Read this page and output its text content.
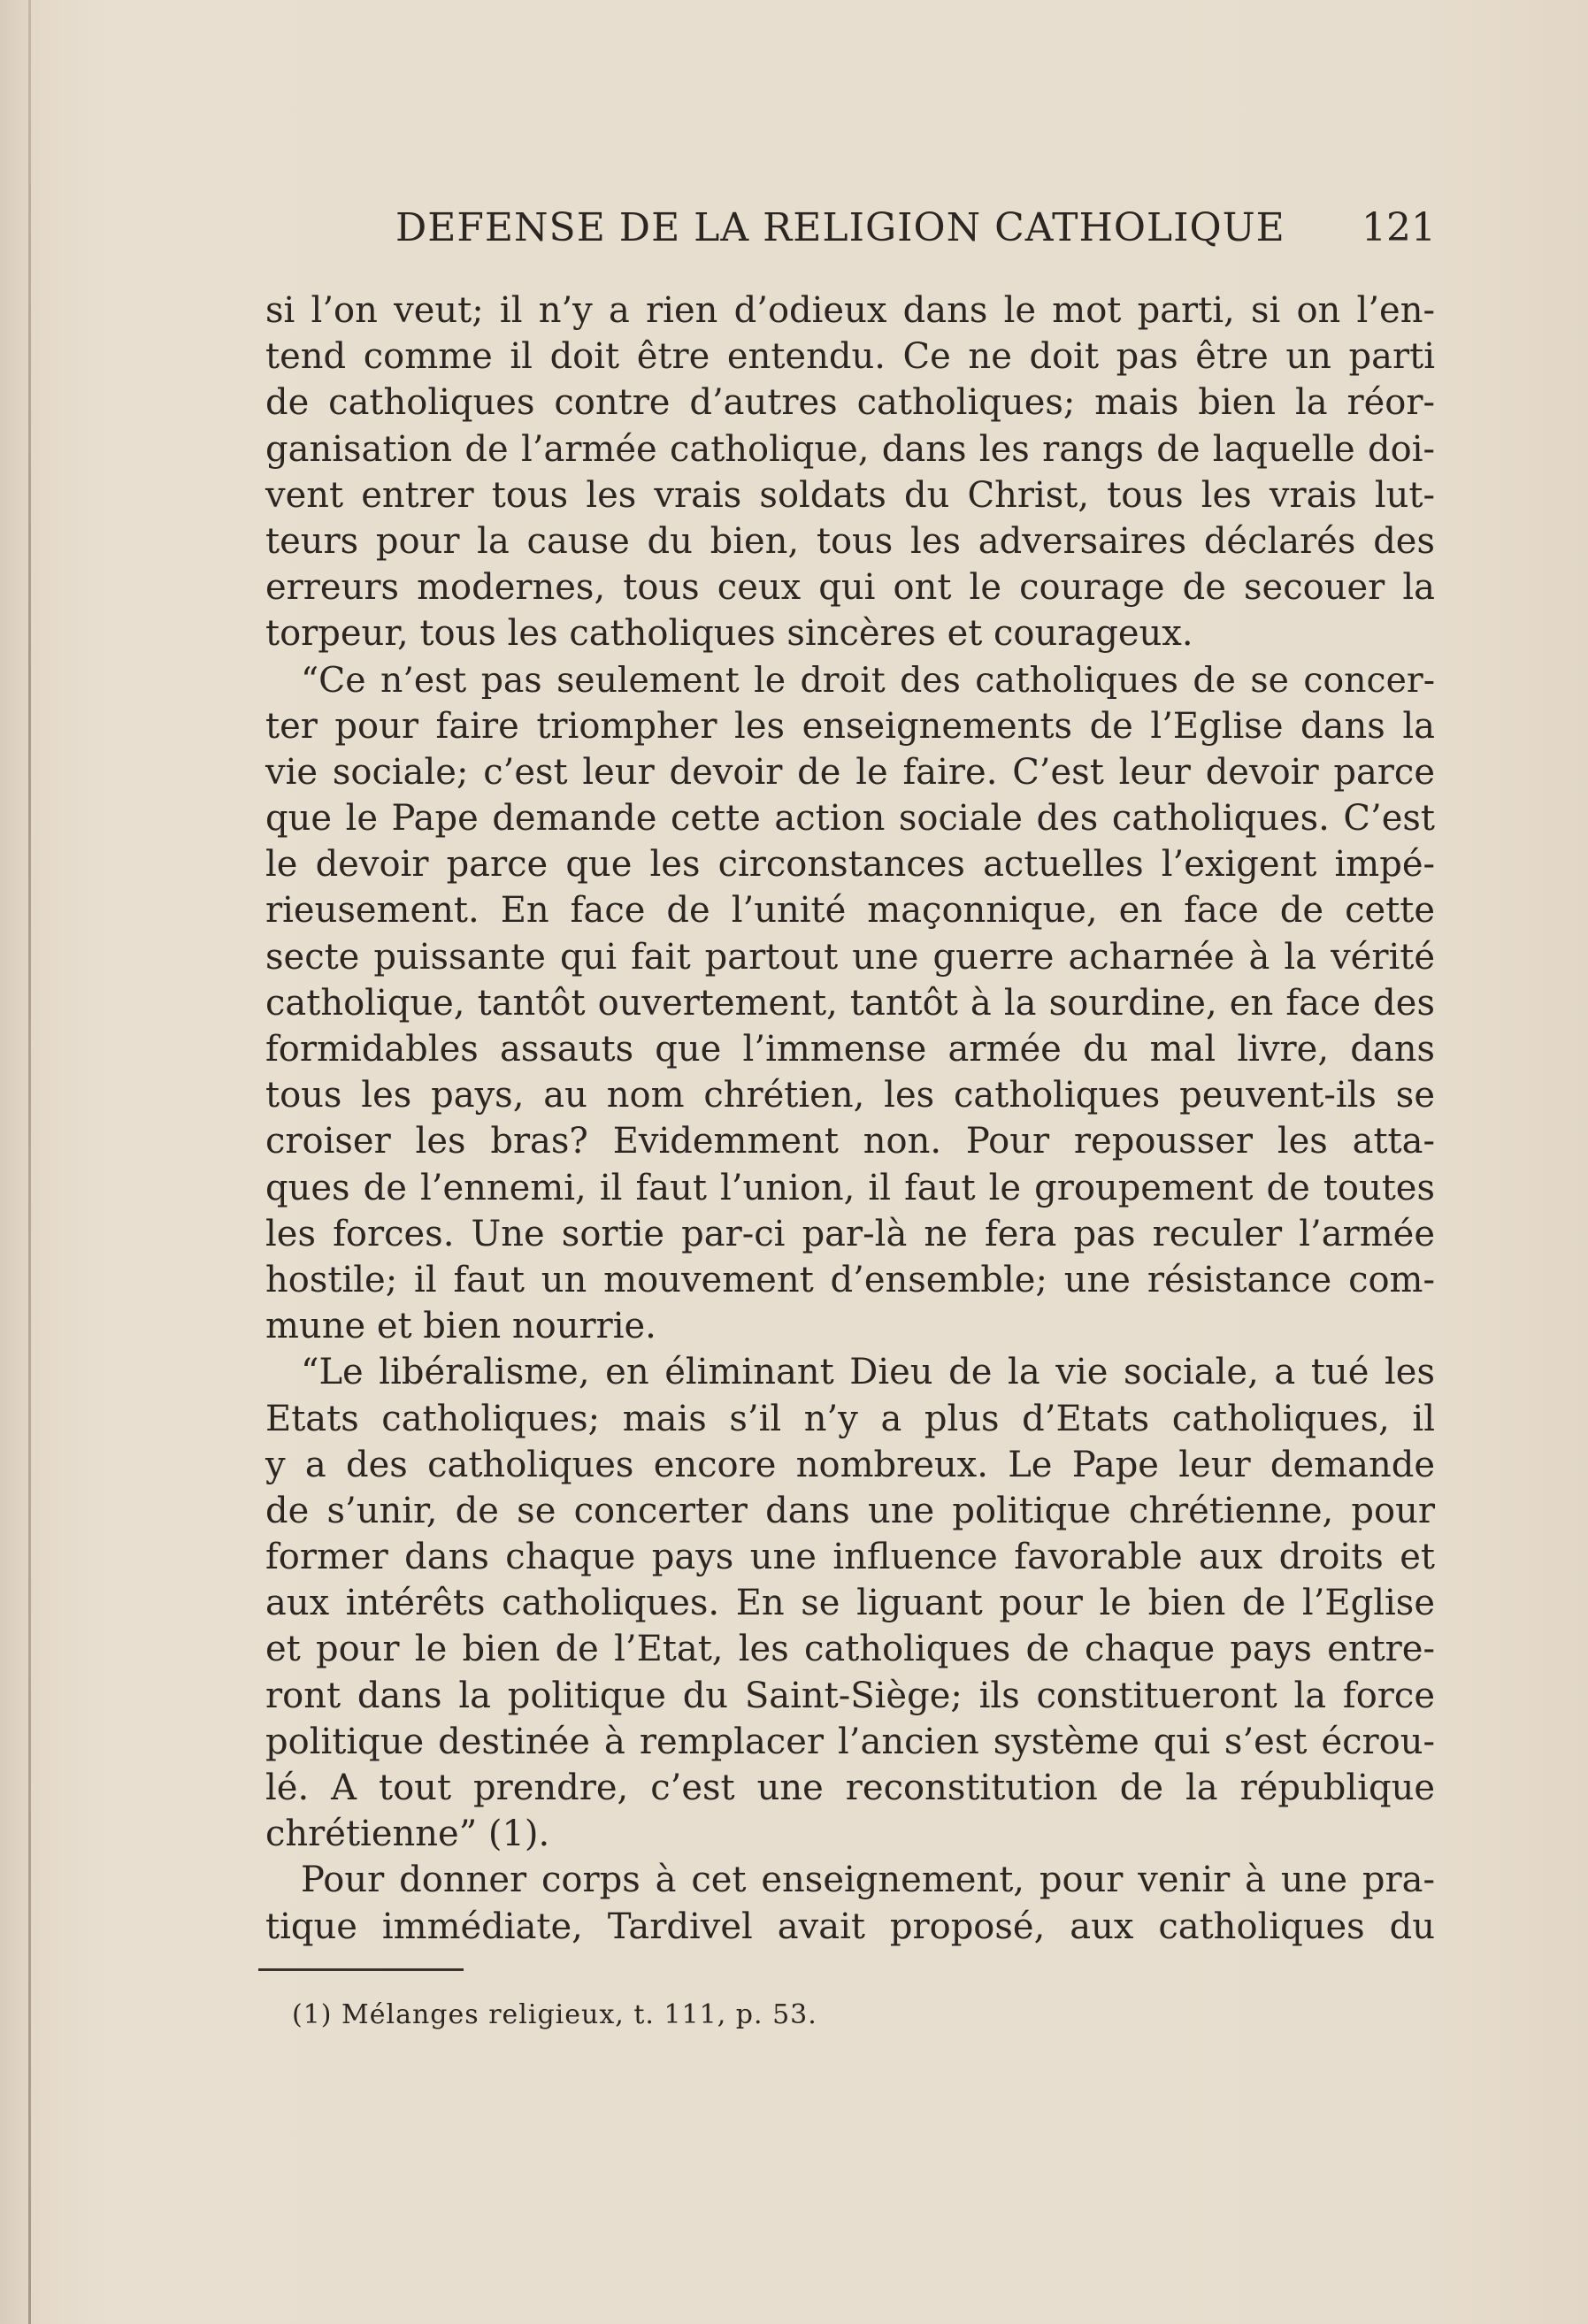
DEFENSE DE LA RELIGION CATHOLIQUE 121
si l’on veut; il n’y a rien d’odieux dans le mot parti, si on l’en-
tend comme il doit être entendu. Ce ne doit pas être un parti
de catholiques contre d’autres catholiques; mais bien la réor-
ganisation de l’armée catholique, dans les rangs de laquelle doi-
vent entrer tous les vrais soldats du Christ, tous les vrais lut-
teurs pour la cause du bien, tous les adversaires déclarés des
erreurs modernes, tous ceux qui ont le courage de secouer la
torpeur, tous les catholiques sincères et courageux.
“Ce n’est pas seulement le droit des catholiques de se concer-
ter pour faire triompher les enseignements de l’Eglise dans la
vie sociale; c’est leur devoir de le faire. C’est leur devoir parce
que le Pape demande cette action sociale des catholiques. C’est
le devoir parce que les circonstances actuelles l’exigent impé-
rieusement. En face de l’unité maçonnique, en face de cette
secte puissante qui fait partout une guerre acharnée à la vérité
catholique, tantôt ouvertement, tantôt à la sourdine, en face des
formidables assauts que l’immense armée du mal livre, dans
tous les pays, au nom chrétien, les catholiques peuvent-ils se
croiser les bras? Evidemment non. Pour repousser les atta-
ques de l’ennemi, il faut l’union, il faut le groupement de toutes
les forces. Une sortie par-ci par-là ne fera pas reculer l’armée
hostile; il faut un mouvement d’ensemble; une résistance com-
mune et bien nourrie.
“Le libéralisme, en éliminant Dieu de la vie sociale, a tué les
Etats catholiques; mais s’il n’y a plus d’Etats catholiques, il
y a des catholiques encore nombreux. Le Pape leur demande
de s’unir, de se concerter dans une politique chrétienne, pour
former dans chaque pays une influence favorable aux droits et
aux intérêts catholiques. En se liguant pour le bien de l’Eglise
et pour le bien de l’Etat, les catholiques de chaque pays entre-
ront dans la politique du Saint-Siège; ils constitueront la force
politique destinée à remplacer l’ancien système qui s’est écrou-
lé. A tout prendre, c’est une reconstitution de la république
chrétienne” (1).
Pour donner corps à cet enseignement, pour venir à une pra-
tique immédiate, Tardivel avait proposé, aux catholiques du
(1) Mélanges religieux, t. 111, p. 53.
